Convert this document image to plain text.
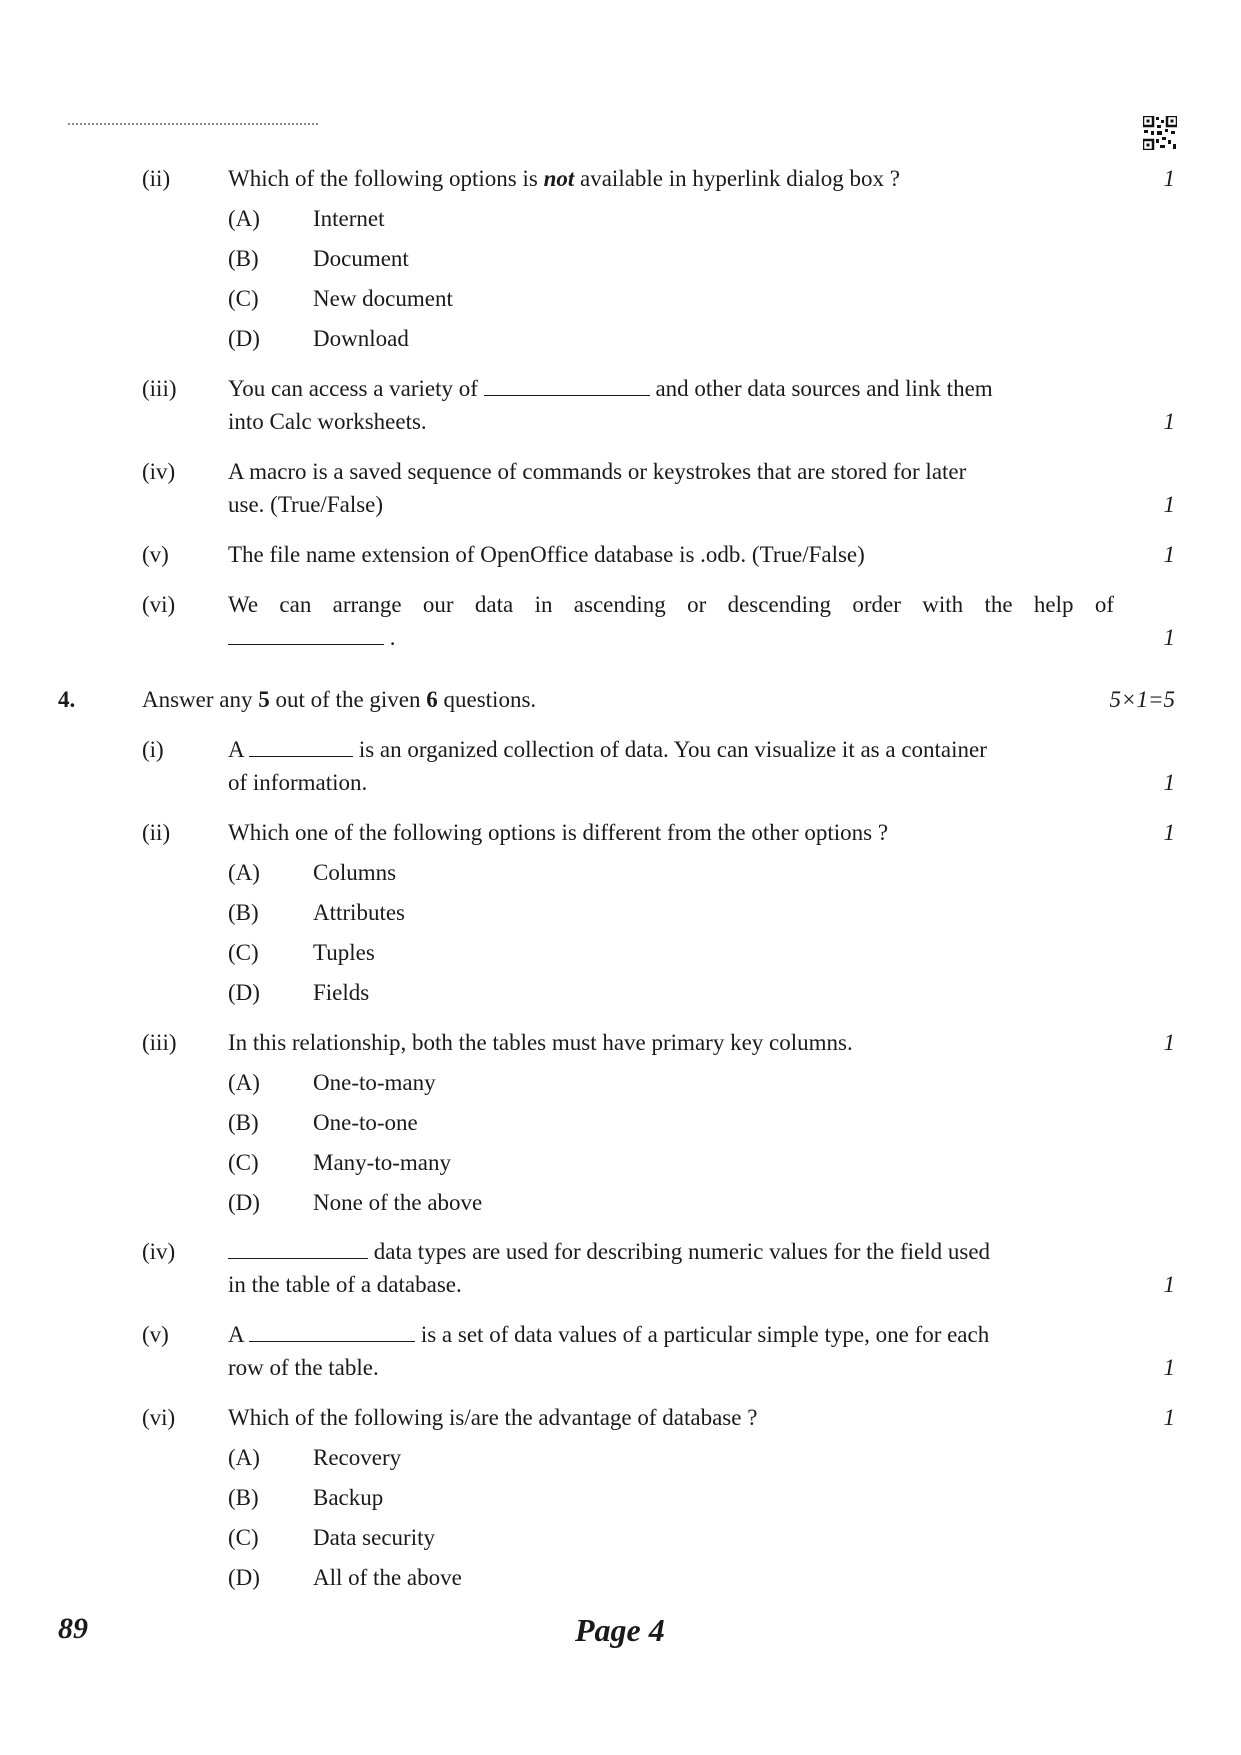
(ii)	Which of the following options is not available in hyperlink dialog box ?	1
(A) Internet
(B) Document
(C) New document
(D) Download
(iii) You can access a variety of	and other data sources and link them
into Calc worksheets.	1
(iv) A macro is a saved sequence of commands or keystrokes that are stored for later
use. (True/False)	1
(v)	The file name extension of OpenOffice database is .odb. (True/False)	1
(vi) We can arrange our data in ascending or descending order with the help of
.	1
4.	Answer any 5 out of the given 6 questions.	5×1=5
(i)	A	is an organized collection of data. You can visualize it as a container
of information.	1
(ii)	Which one of the following options is different from the other options ?	1
(A) Columns
(B) Attributes
(C) Tuples
(D) Fields
(iii) In this relationship, both the tables must have primary key columns.	1
(A) One-to-many
(B) One-to-one
(C) Many-to-many
(D) None of the above
(iv)	data types are used for describing numeric values for the field used
in the table of a database.	1
(v)	A	is a set of data values of a particular simple type, one for each
row of the table.	1
(vi) Which of the following is/are the advantage of database ?	1
(A) Recovery
(B) Backup
(C) Data security
(D) All of the above
89	Page 4
